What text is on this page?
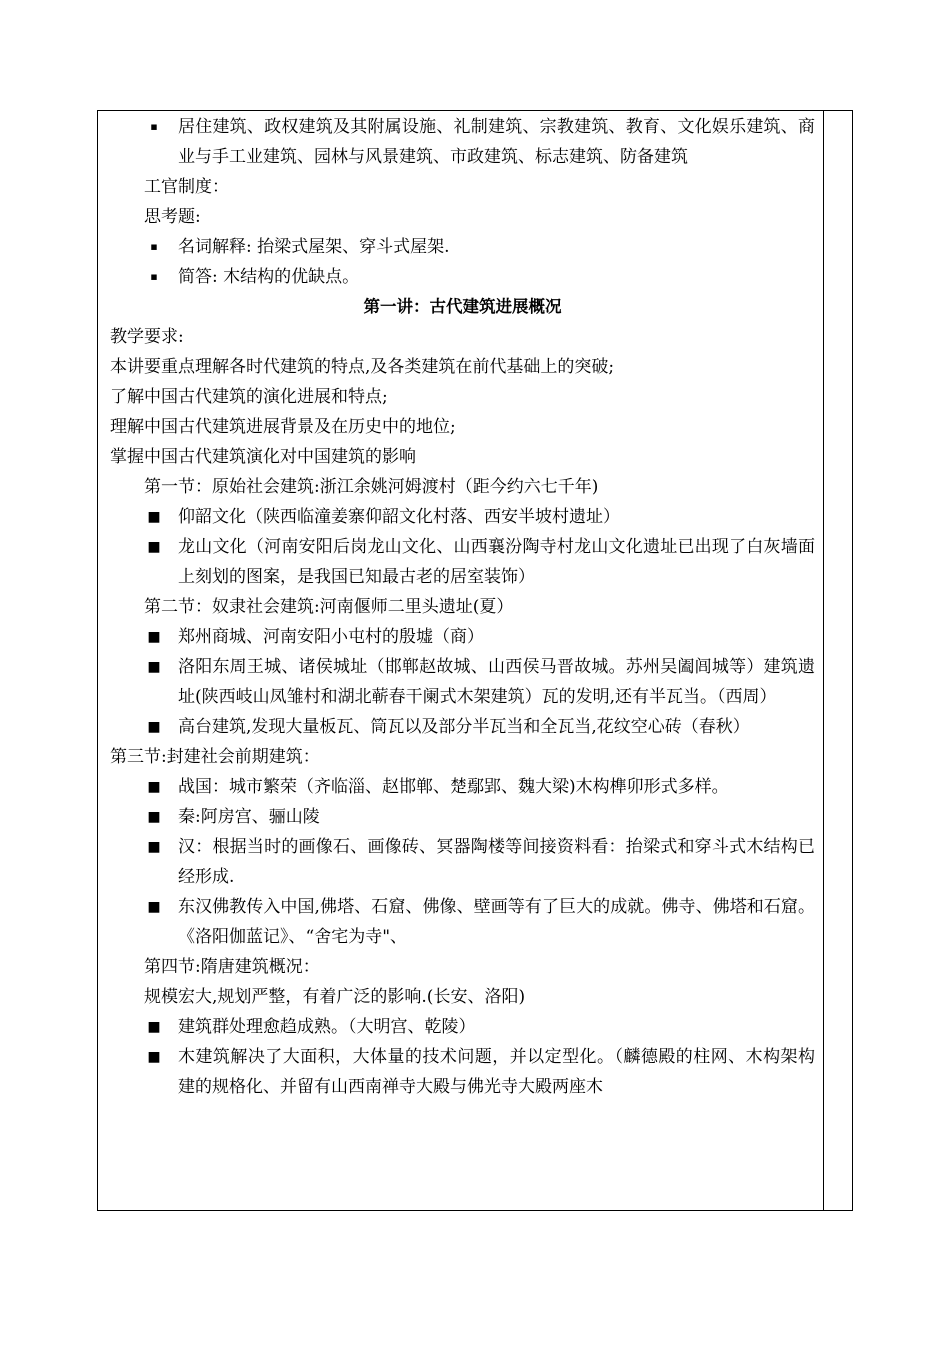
▪	居住建筑、政权建筑及其附属设施、礼制建筑、宗教建筑、教育、文化娱乐建筑、商业与手工业建筑、园林与风景建筑、市政建筑、标志建筑、防备建筑
工官制度：
思考题:
▪	名词解释: 抬梁式屋架、穿斗式屋架.
▪	简答: 木结构的优缺点。
第一讲：古代建筑进展概况
教学要求:
本讲要重点理解各时代建筑的特点,及各类建筑在前代基础上的突破;
了解中国古代建筑的演化进展和特点;
理解中国古代建筑进展背景及在历史中的地位;
掌握中国古代建筑演化对中国建筑的影响
第一节：原始社会建筑:浙江余姚河姆渡村（距今约六七千年)
■ 仰韶文化（陕西临潼姜寨仰韶文化村落、西安半坡村遗址）
■ 龙山文化（河南安阳后岗龙山文化、山西襄汾陶寺村龙山文化遗址已出现了白灰墙面上刻划的图案，是我国已知最古老的居室装饰）
第二节：奴隶社会建筑:河南偃师二里头遗址(夏）
■ 郑州商城、河南安阳小屯村的殷墟（商）
■ 洛阳东周王城、诸侯城址（邯郸赵故城、山西侯马晋故城。苏州吴阖闾城等）建筑遗址(陕西岐山凤雏村和湖北蕲春干阑式木架建筑）瓦的发明,还有半瓦当。（西周）
■ 高台建筑,发现大量板瓦、筒瓦以及部分半瓦当和全瓦当,花纹空心砖（春秋）
第三节:封建社会前期建筑：
■ 战国：城市繁荣（齐临淄、赵邯郸、楚鄢郢、魏大梁)木构榫卯形式多样。
■ 秦:阿房宫、骊山陵
■ 汉：根据当时的画像石、画像砖、冥器陶楼等间接资料看：抬梁式和穿斗式木结构已经形成.
■ 东汉佛教传入中国,佛塔、石窟、佛像、壁画等有了巨大的成就。佛寺、佛塔和石窟。《洛阳伽蓝记》、“舍宅为寺"、
第四节:隋唐建筑概况：
规模宏大,规划严整，有着广泛的影响.(长安、洛阳)
■ 建筑群处理愈趋成熟。（大明宫、乾陵）
■ 木建筑解决了大面积，大体量的技术问题，并以定型化。（麟德殿的柱网、木构架构建的规格化、并留有山西南禅寺大殿与佛光寺大殿两座木
